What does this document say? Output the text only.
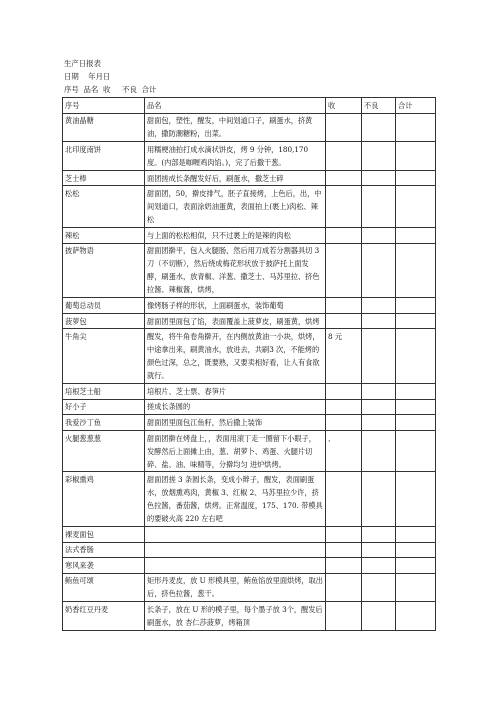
生产日报表
日期    年月日
序号  品名  收     不良  合计
序号	品名	收	不良	合计
黄油晶糖	甜面包，塑性，醒发，中间划道口子，刷蛋水，挤黄油，撒防潮糖粉，出菜。			
北印度南饼	用糯梗油拍打成水滴状饼皮，烤 9 分钟，180,170 度。(内部是咖喱鸡肉馅。)，完了后撒干葱。			
芝士棒	面团搓成长条醒发好后，刷蛋水，撒芝士碎			
松松	甜面团，50，擀皮排气，胚子直接烤，上色后，出，中间划道口，表面涂奶油蛋黄，表面拍上(裹上)肉松、辣松			
辣松	与上面的松松相似，只不过裹上的是辣的肉松			
披萨物语	甜面团擀平，包入火腿肠，然后用刀成若分割器具切 3 刀（不切断），然后绕成梅花形状放于披萨托上面发酵，刷蛋水，放青椒、洋葱、撒芝士、马苏里拉、挤色拉酱、辣椒酱，烘烤，			
葡萄总动员	像烤肠子样的形状，上面刷蛋水，装饰葡萄			
菠萝包	甜面团里面包了馅，表面覆盖上菠萝皮，刷蛋黄，烘烤			
牛角尖	醒发，将牛角卷角擀开，在内侧放黄油一小块，烘烤，中途拿出来，刷黄油水，放进去，共刷3 次，不能烤的颜色过深，总之，既要熟，又要卖相好看，让人有食欲就行。	8 元		
培根芝士船	培根片、芝士票、春笋片			
好小子	搓成长条圆的			
我爱沙丁鱼	甜面团里面包江鱼籽，然后撒上装饰			
火腿葱葱葱	甜面团擀在烤盘上，，表面用滚丁走一圈留下小眼子，发酵然后上面摊上由，葱、胡萝卜、鸡蛋、火腿片切碎、盐、油、味精等，分擀均匀 进炉烘烤。	、		
彩椒熏鸡	甜面团搓 3 条圆长条，变成小辫子，醒发，表面刷蛋水，放烟熏鸡肉，黄椒 3、红椒 2、马苏里拉少许，挤色拉酱，番茄酱，烘烤。正常温度，175、170. 带模具的要破火高 220 左右吧			
裸麦面包				
法式香肠				
寒风来袭				
鲔鱼可颂	矩形丹麦皮，放 U 形模具里，鲔鱼馅放里面烘烤，取出后，挤色拉酱，葱干。			
奶香红豆丹麦	长条子，放在 U 形的模子里，每个墨子放 3个，醒发后刷蛋水，放 杏仁莎菠萝，烤箱顶			
